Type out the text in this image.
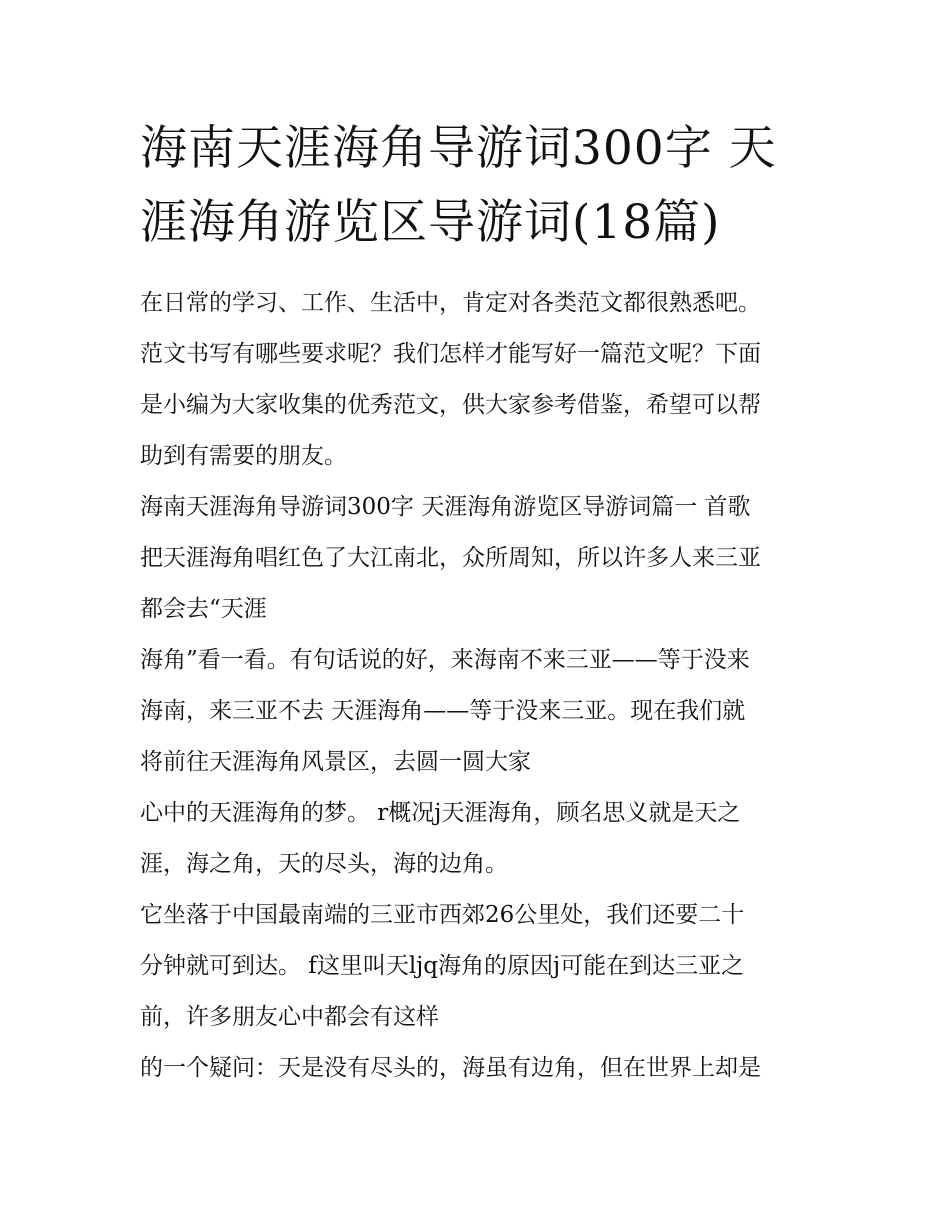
海南天涯海角导游词300字 天
涯海角游览区导游词(18篇)
在日常的学习、工作、生活中，肯定对各类范文都很熟悉吧。
范文书写有哪些要求呢？我们怎样才能写好一篇范文呢？下面
是小编为大家收集的优秀范文，供大家参考借鉴，希望可以帮
助到有需要的朋友。
海南天涯海角导游词300字 天涯海角游览区导游词篇一 首歌
把天涯海角唱红色了大江南北，众所周知，所以许多人来三亚
都会去“天涯
海角”看一看。有句话说的好，来海南不来三亚——等于没来
海南，来三亚不去 天涯海角——等于没来三亚。现在我们就
将前往天涯海角风景区，去圆一圆大家
心中的天涯海角的梦。 r概况j天涯海角，顾名思义就是天之
涯，海之角，天的尽头，海的边角。
它坐落于中国最南端的三亚市西郊26公里处，我们还要二十
分钟就可到达。 f这里叫天ljq海角的原因j可能在到达三亚之
前，许多朋友心中都会有这样
的一个疑问：天是没有尽头的，海虽有边角，但在世界上却是
